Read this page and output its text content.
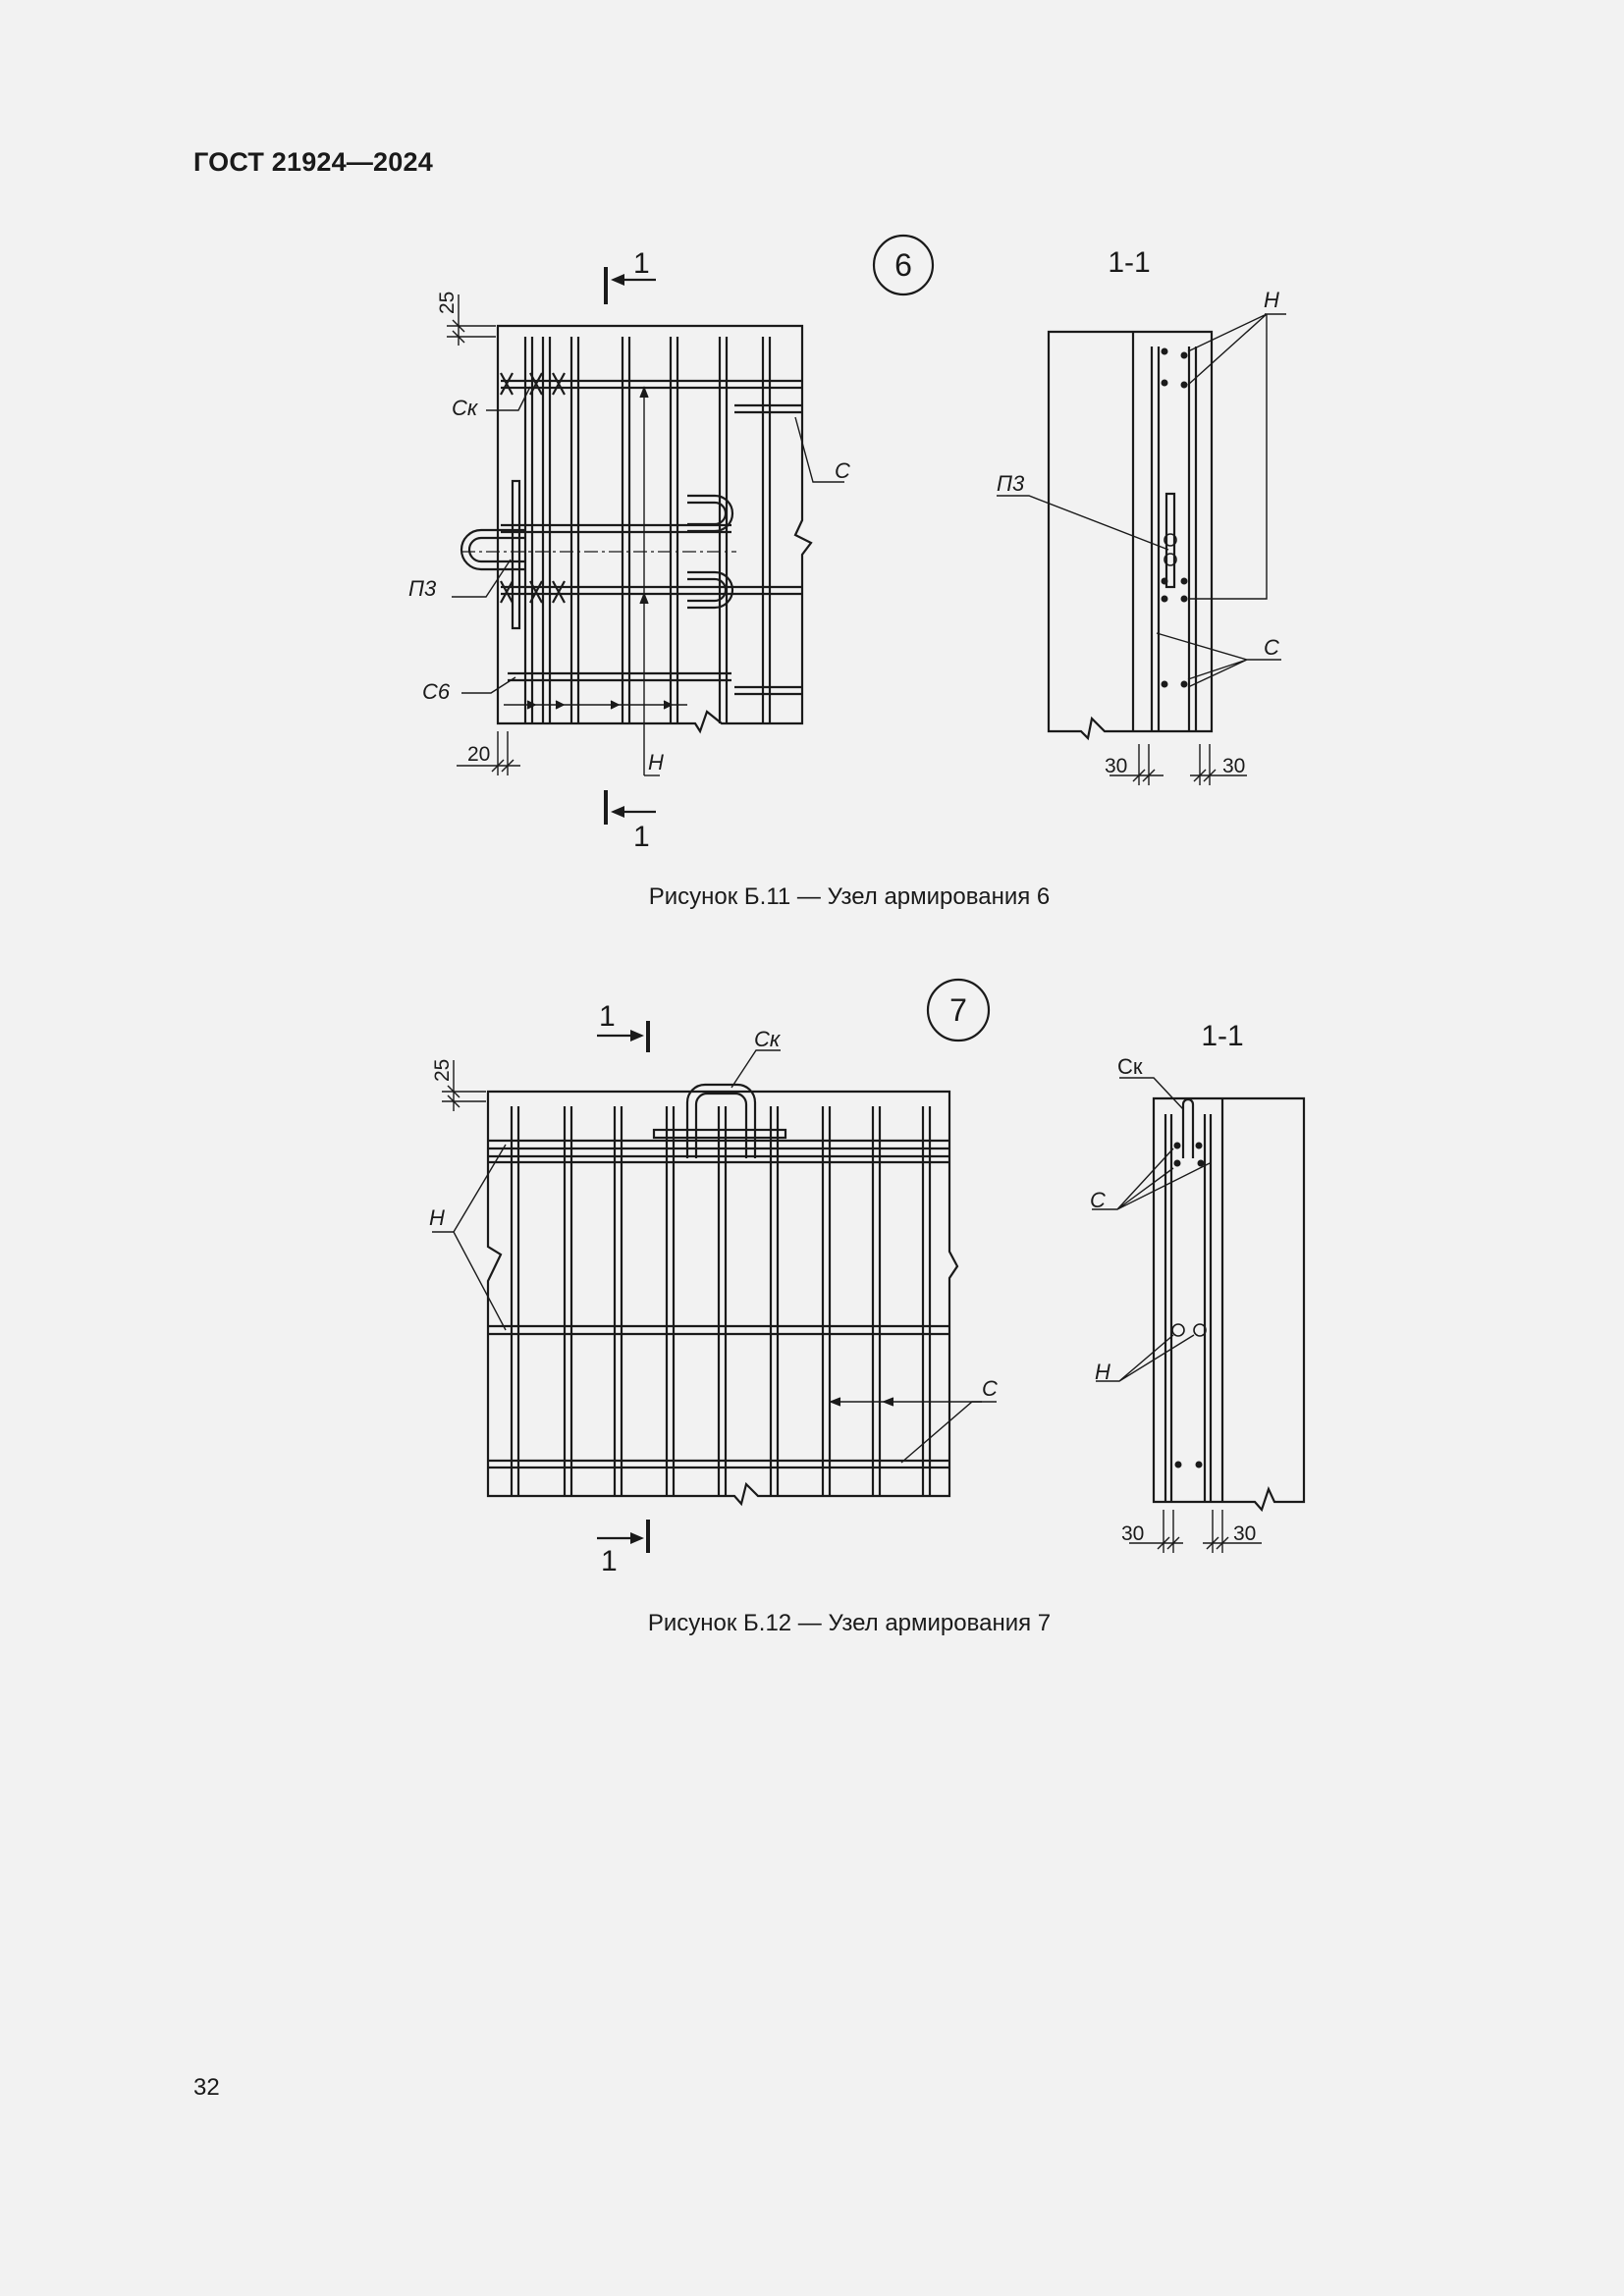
ГОСТ 21924—2024
6	1-1
1
1
25
Ск
С
П3
С6
20	Н
Н
П3
С
30	30
Рисунок Б.11 — Узел армирования 6
7
1-1
1
1
25
Ск
Н
С
Ск
С
Н
30	30
Рисунок Б.12 — Узел армирования 7
32
